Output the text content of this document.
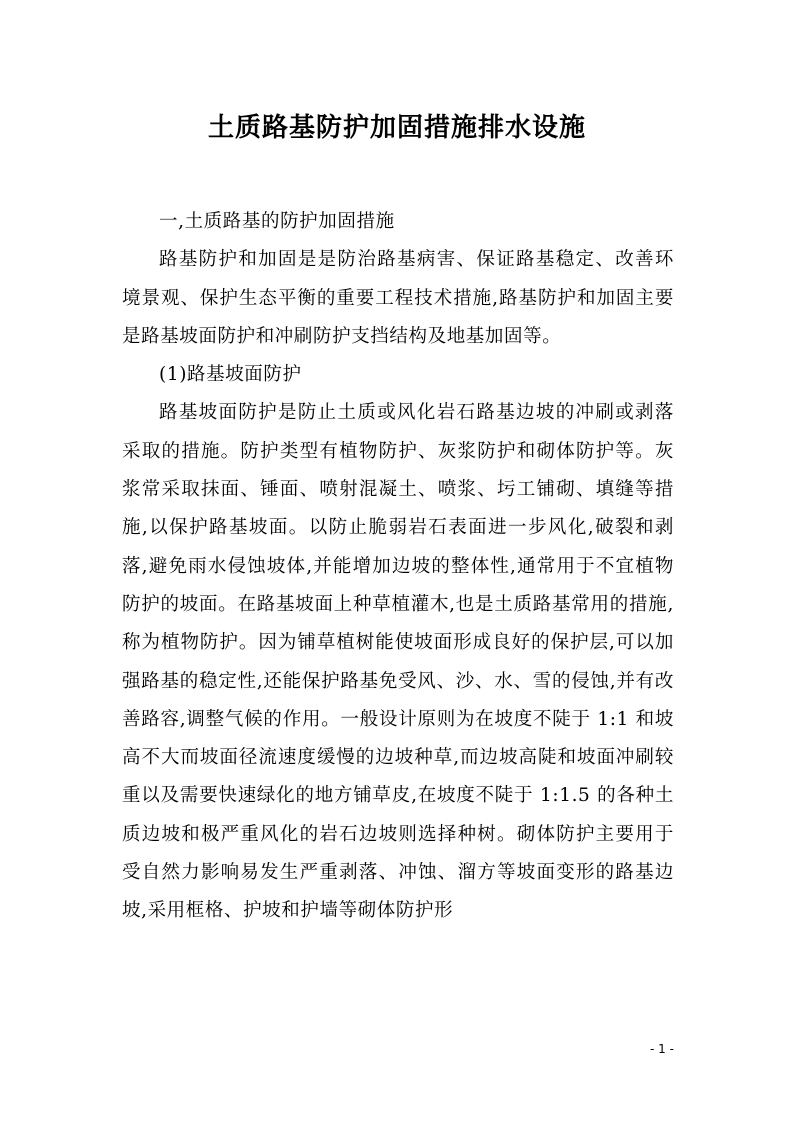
土质路基防护加固措施排水设施

一,土质路基的防护加固措施

路基防护和加固是是防治路基病害、保证路基稳定、改善环境景观、保护生态平衡的重要工程技术措施,路基防护和加固主要是路基坡面防护和冲刷防护支挡结构及地基加固等。

(1)路基坡面防护

路基坡面防护是防止土质或风化岩石路基边坡的冲刷或剥落采取的措施。防护类型有植物防护、灰浆防护和砌体防护等。灰浆常采取抹面、锤面、喷射混凝土、喷浆、圬工铺砌、填缝等措施,以保护路基坡面。以防止脆弱岩石表面进一步风化,破裂和剥落,避免雨水侵蚀坡体,并能增加边坡的整体性,通常用于不宜植物防护的坡面。在路基坡面上种草植灌木,也是土质路基常用的措施,称为植物防护。因为铺草植树能使坡面形成良好的保护层,可以加强路基的稳定性,还能保护路基免受风、沙、水、雪的侵蚀,并有改善路容,调整气候的作用。一般设计原则为在坡度不陡于 1:1 和坡高不大而坡面径流速度缓慢的边坡种草,而边坡高陡和坡面冲刷较重以及需要快速绿化的地方铺草皮,在坡度不陡于 1:1.5 的各种土质边坡和极严重风化的岩石边坡则选择种树。砌体防护主要用于受自然力影响易发生严重剥落、冲蚀、溜方等坡面变形的路基边坡,采用框格、护坡和护墙等砌体防护形

- 1 -
